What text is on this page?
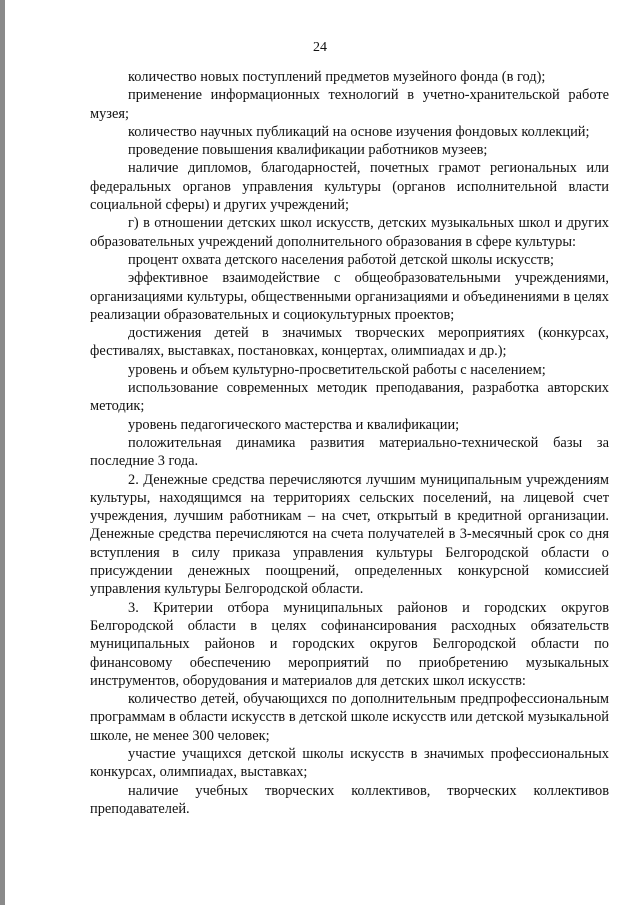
24

количество новых поступлений предметов музейного фонда (в год);

применение информационных технологий в учетно-хранительской работе музея;

количество научных публикаций на основе изучения фондовых коллекций;

проведение повышения квалификации работников музеев;

наличие дипломов, благодарностей, почетных грамот региональных или федеральных органов управления культуры (органов исполнительной власти социальной сферы) и других учреждений;

г) в отношении детских школ искусств, детских музыкальных школ и других образовательных учреждений дополнительного образования в сфере культуры:

процент охвата детского населения работой детской школы искусств;

эффективное взаимодействие с общеобразовательными учреждениями, организациями культуры, общественными организациями и объединениями в целях реализации образовательных и социокультурных проектов;

достижения детей в значимых творческих мероприятиях (конкурсах, фестивалях, выставках, постановках, концертах, олимпиадах и др.);

уровень и объем культурно-просветительской работы с населением;

использование современных методик преподавания, разработка авторских методик;

уровень педагогического мастерства и квалификации;

положительная динамика развития материально-технической базы за последние 3 года.

2. Денежные средства перечисляются лучшим муниципальным учреждениям культуры, находящимся на территориях сельских поселений, на лицевой счет учреждения, лучшим работникам – на счет, открытый в кредитной организации. Денежные средства перечисляются на счета получателей в 3-месячный срок со дня вступления в силу приказа управления культуры Белгородской области о присуждении денежных поощрений, определенных конкурсной комиссией управления культуры Белгородской области.

3. Критерии отбора муниципальных районов и городских округов Белгородской области в целях софинансирования расходных обязательств муниципальных районов и городских округов Белгородской области по финансовому обеспечению мероприятий по приобретению музыкальных инструментов, оборудования и материалов для детских школ искусств:

количество детей, обучающихся по дополнительным предпрофессиональным программам в области искусств в детской школе искусств или детской музыкальной школе, не менее 300 человек;

участие учащихся детской школы искусств в значимых профессиональных конкурсах, олимпиадах, выставках;

наличие учебных творческих коллективов, творческих коллективов преподавателей.
